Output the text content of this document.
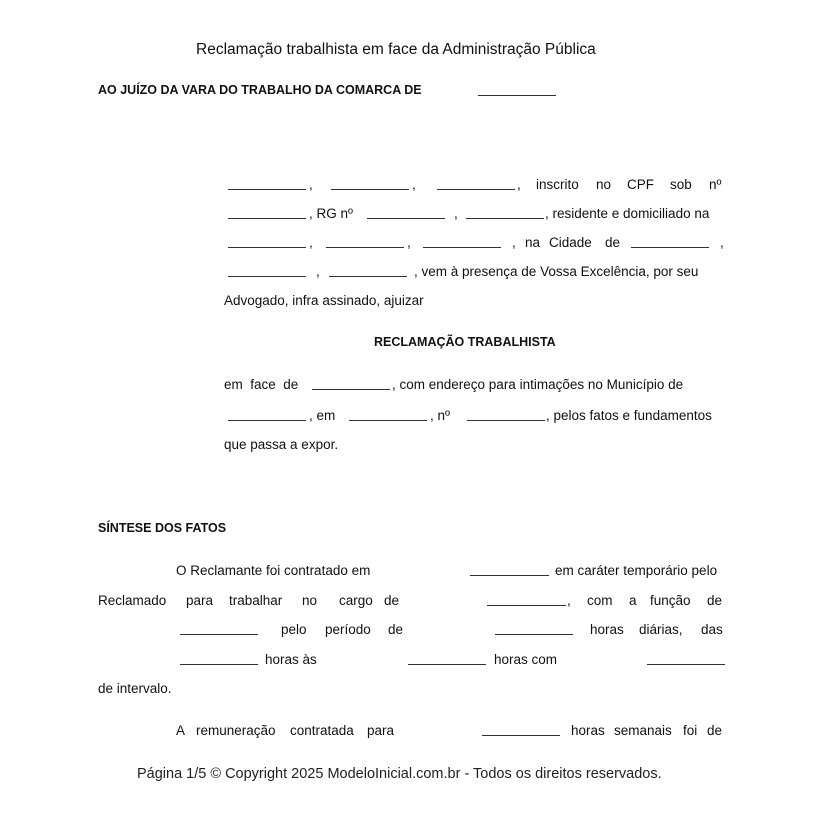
Reclamação trabalhista em face da Administração Pública
AO JUÍZO DA VARA DO TRABALHO DA COMARCA DE
,	,	, inscrito no CPF sob nº
, RG nº	,	, residente e domiciliado na
,	,	, na Cidade de	,
,	, vem à presença de Vossa Excelência, por seu
Advogado, infra assinado, ajuizar
RECLAMAÇÃO TRABALHISTA
em  face  de	, com endereço para intimações no Município de
, em	, nº	, pelos fatos e fundamentos
que passa a expor.
SÍNTESE DOS FATOS
O Reclamante foi contratado em	em caráter temporário pelo
Reclamado para trabalhar no cargo de	, com a função de
pelo período de	horas diárias, das
horas às	horas com
de intervalo.
A remuneração contratada para	horas semanais foi de
Página 1/5 © Copyright 2025 ModeloInicial.com.br - Todos os direitos reservados.
